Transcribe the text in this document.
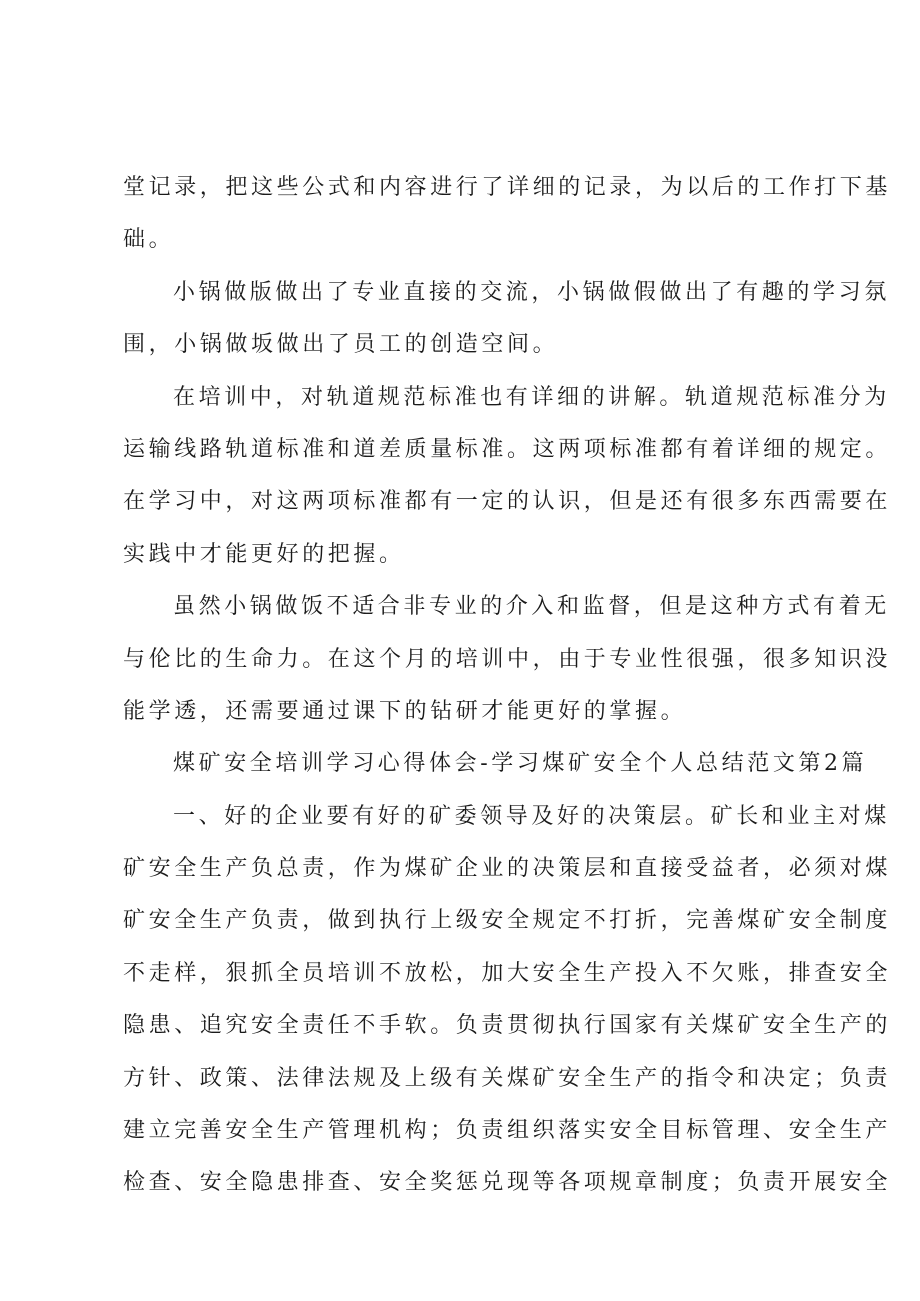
堂记录，把这些公式和内容进行了详细的记录，为以后的工作打下基
础。
小锅做版做出了专业直接的交流，小锅做假做出了有趣的学习氛
围，小锅做坂做出了员工的创造空间。
在培训中，对轨道规范标准也有详细的讲解。轨道规范标准分为
运输线路轨道标准和道差质量标准。这两项标准都有着详细的规定。
在学习中，对这两项标准都有一定的认识，但是还有很多东西需要在
实践中才能更好的把握。
虽然小锅做饭不适合非专业的介入和监督，但是这种方式有着无
与伦比的生命力。在这个月的培训中，由于专业性很强，很多知识没
能学透，还需要通过课下的钻研才能更好的掌握。
煤矿安全培训学习心得体会-学习煤矿安全个人总结范文第2篇
一、好的企业要有好的矿委领导及好的决策层。矿长和业主对煤
矿安全生产负总责，作为煤矿企业的决策层和直接受益者，必须对煤
矿安全生产负责，做到执行上级安全规定不打折，完善煤矿安全制度
不走样，狠抓全员培训不放松，加大安全生产投入不欠账，排查安全
隐患、追究安全责任不手软。负责贯彻执行国家有关煤矿安全生产的
方针、政策、法律法规及上级有关煤矿安全生产的指令和决定；负责
建立完善安全生产管理机构；负责组织落实安全目标管理、安全生产
检查、安全隐患排查、安全奖惩兑现等各项规章制度；负责开展安全
